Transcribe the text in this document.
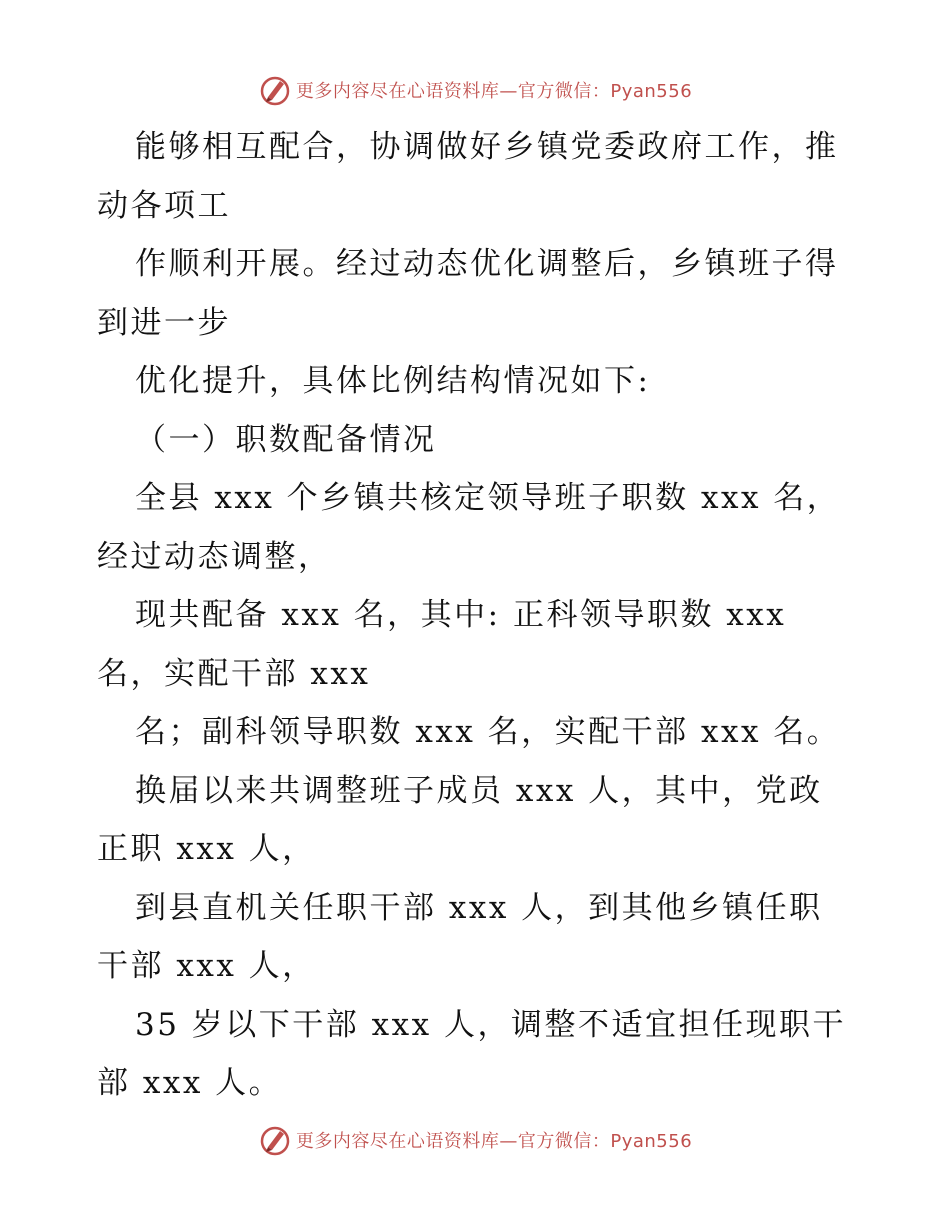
更多内容尽在心语资料库—官方微信：Pyan556
能够相互配合，协调做好乡镇党委政府工作，推
动各项工
作顺利开展。经过动态优化调整后，乡镇班子得
到进一步
优化提升，具体比例结构情况如下:
（一）职数配备情况
全县 xxx 个乡镇共核定领导班子职数 xxx 名，
经过动态调整，
现共配备 xxx 名，其中: 正科领导职数 xxx
名，实配干部 xxx
名；副科领导职数 xxx 名，实配干部 xxx 名。
换届以来共调整班子成员 xxx 人，其中，党政
正职 xxx 人，
到县直机关任职干部 xxx 人，到其他乡镇任职
干部 xxx 人，
35 岁以下干部 xxx 人，调整不适宜担任现职干
部 xxx 人。
更多内容尽在心语资料库—官方微信：Pyan556
